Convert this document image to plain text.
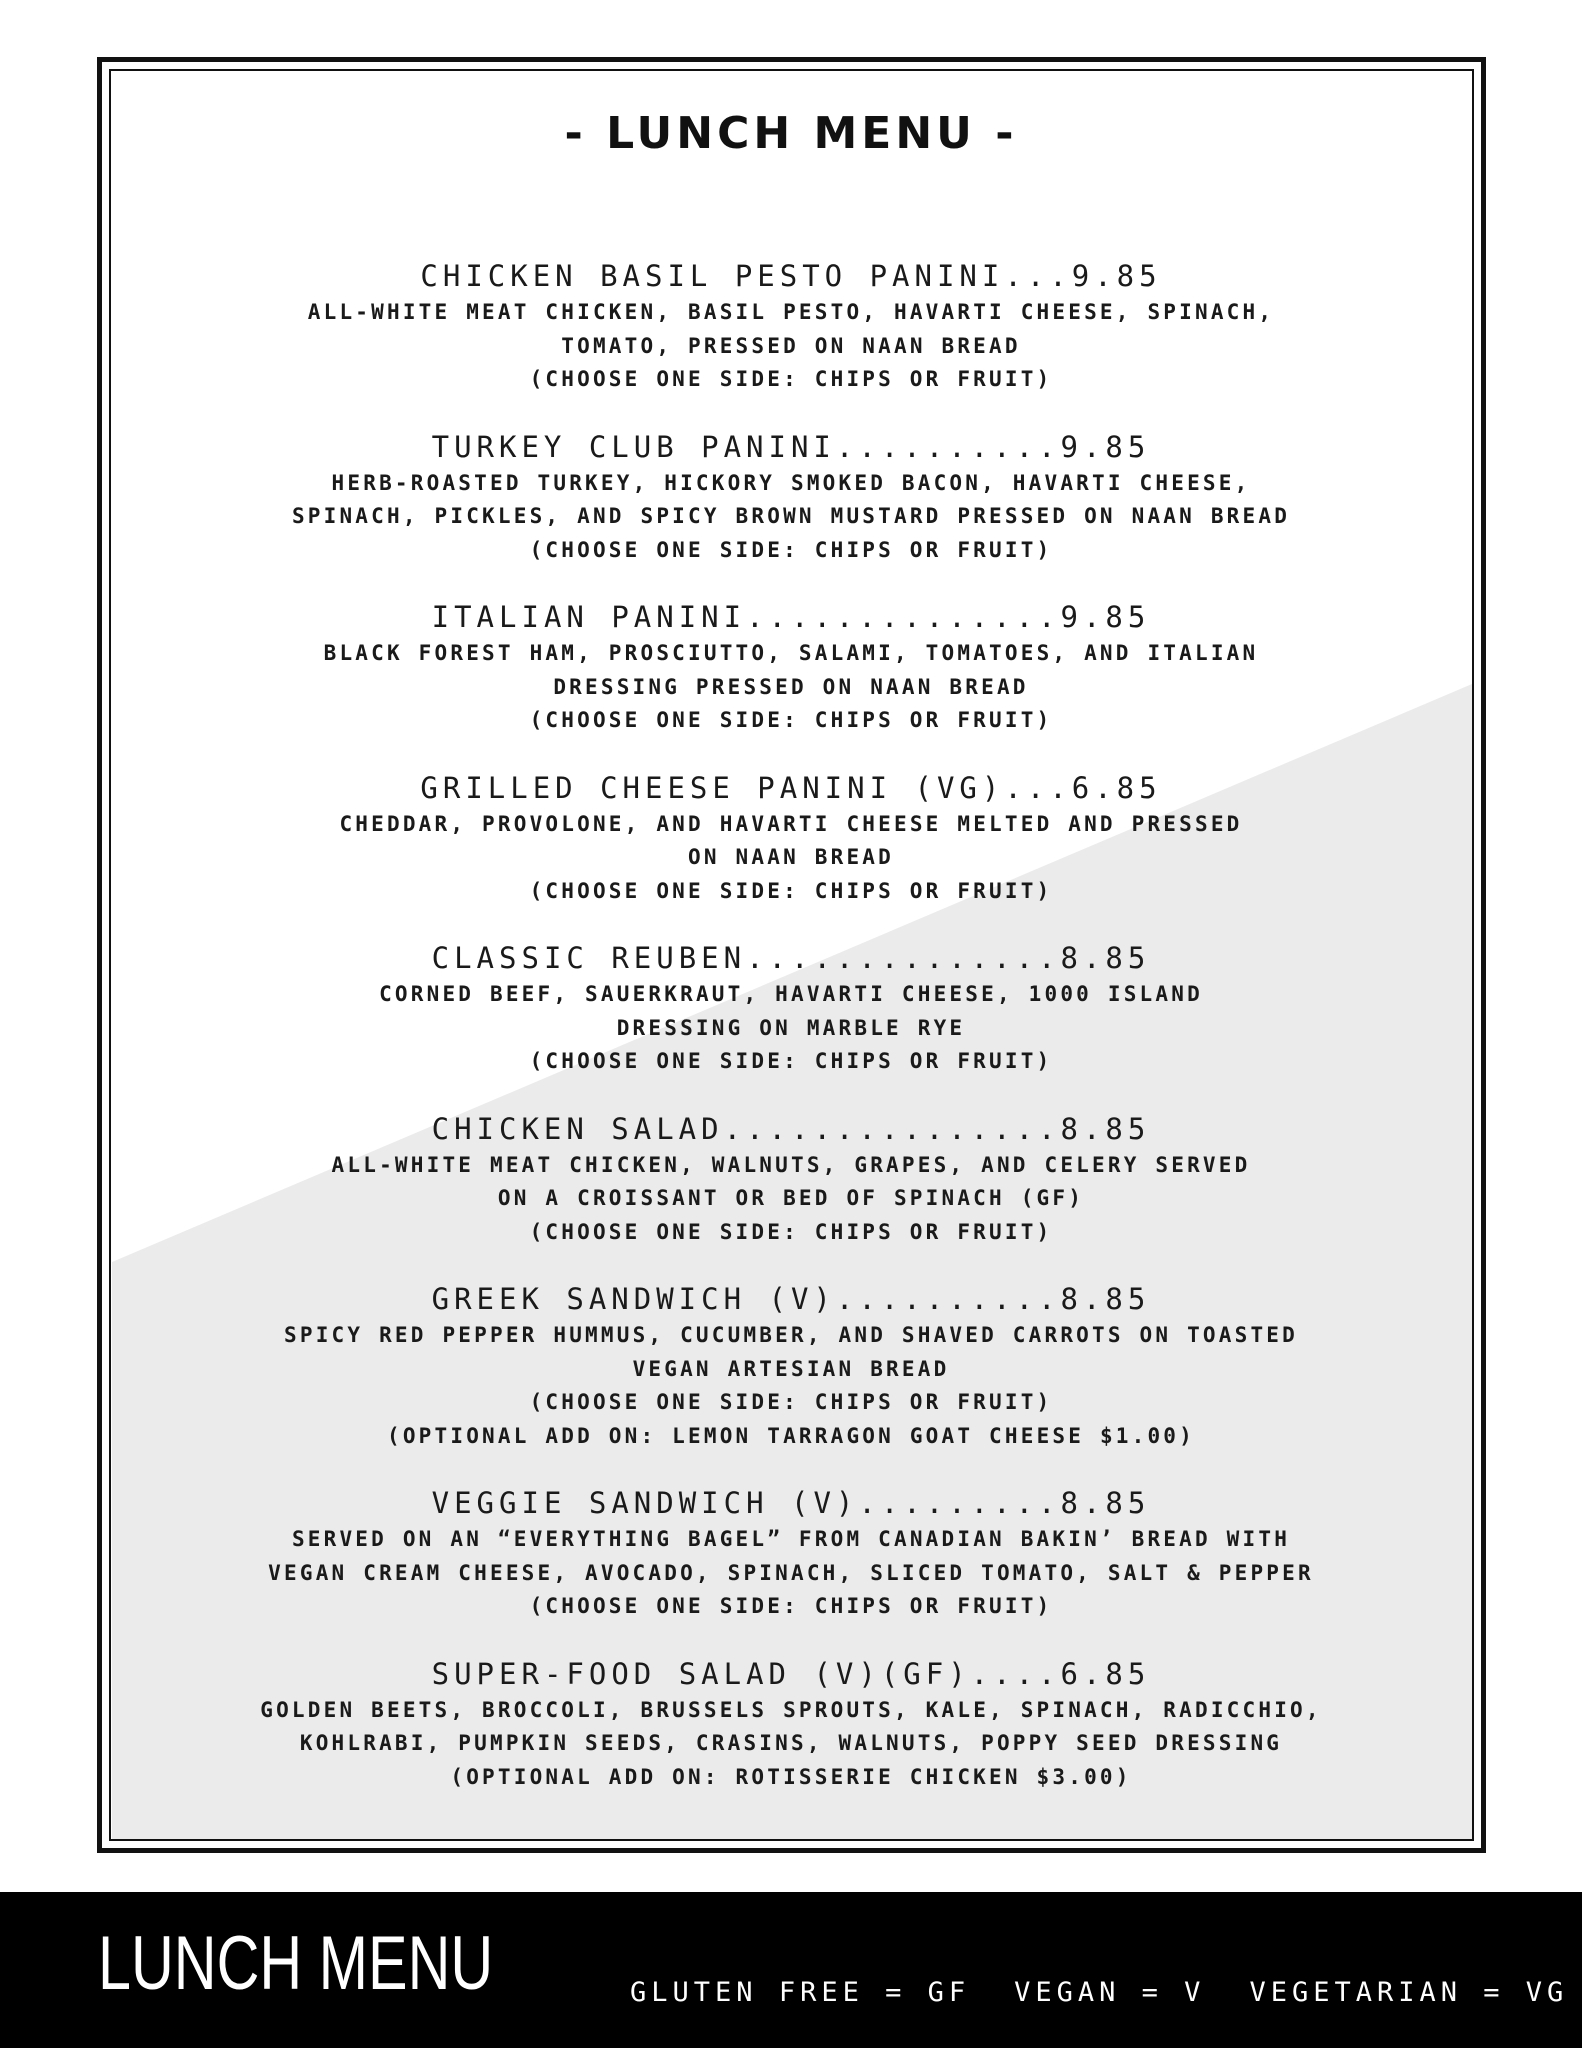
- LUNCH MENU -
CHICKEN BASIL PESTO PANINI...9.85
ALL-WHITE MEAT CHICKEN, BASIL PESTO, HAVARTI CHEESE, SPINACH,
TOMATO, PRESSED ON NAAN BREAD
(CHOOSE ONE SIDE: CHIPS OR FRUIT)
TURKEY CLUB PANINI..........9.85
HERB-ROASTED TURKEY, HICKORY SMOKED BACON, HAVARTI CHEESE,
SPINACH, PICKLES, AND SPICY BROWN MUSTARD PRESSED ON NAAN BREAD
(CHOOSE ONE SIDE: CHIPS OR FRUIT)
ITALIAN PANINI..............9.85
BLACK FOREST HAM, PROSCIUTTO, SALAMI, TOMATOES, AND ITALIAN
DRESSING PRESSED ON NAAN BREAD
(CHOOSE ONE SIDE: CHIPS OR FRUIT)
GRILLED CHEESE PANINI (VG)...6.85
CHEDDAR, PROVOLONE, AND HAVARTI CHEESE MELTED AND PRESSED
ON NAAN BREAD
(CHOOSE ONE SIDE: CHIPS OR FRUIT)
CLASSIC REUBEN..............8.85
CORNED BEEF, SAUERKRAUT, HAVARTI CHEESE, 1000 ISLAND
DRESSING ON MARBLE RYE
(CHOOSE ONE SIDE: CHIPS OR FRUIT)
CHICKEN SALAD...............8.85
ALL-WHITE MEAT CHICKEN, WALNUTS, GRAPES, AND CELERY SERVED
ON A CROISSANT OR BED OF SPINACH (GF)
(CHOOSE ONE SIDE: CHIPS OR FRUIT)
GREEK SANDWICH (V)..........8.85
SPICY RED PEPPER HUMMUS, CUCUMBER, AND SHAVED CARROTS ON TOASTED
VEGAN ARTESIAN BREAD
(CHOOSE ONE SIDE: CHIPS OR FRUIT)
(OPTIONAL ADD ON: LEMON TARRAGON GOAT CHEESE $1.00)
VEGGIE SANDWICH (V).........8.85
SERVED ON AN “EVERYTHING BAGEL” FROM CANADIAN BAKIN’ BREAD WITH
VEGAN CREAM CHEESE, AVOCADO, SPINACH, SLICED TOMATO, SALT & PEPPER
(CHOOSE ONE SIDE: CHIPS OR FRUIT)
SUPER-FOOD SALAD (V)(GF)....6.85
GOLDEN BEETS, BROCCOLI, BRUSSELS SPROUTS, KALE, SPINACH, RADICCHIO,
KOHLRABI, PUMPKIN SEEDS, CRASINS, WALNUTS, POPPY SEED DRESSING
(OPTIONAL ADD ON: ROTISSERIE CHICKEN $3.00)
LUNCH MENU	GLUTEN FREE = GF VEGAN = V VEGETARIAN = VG
